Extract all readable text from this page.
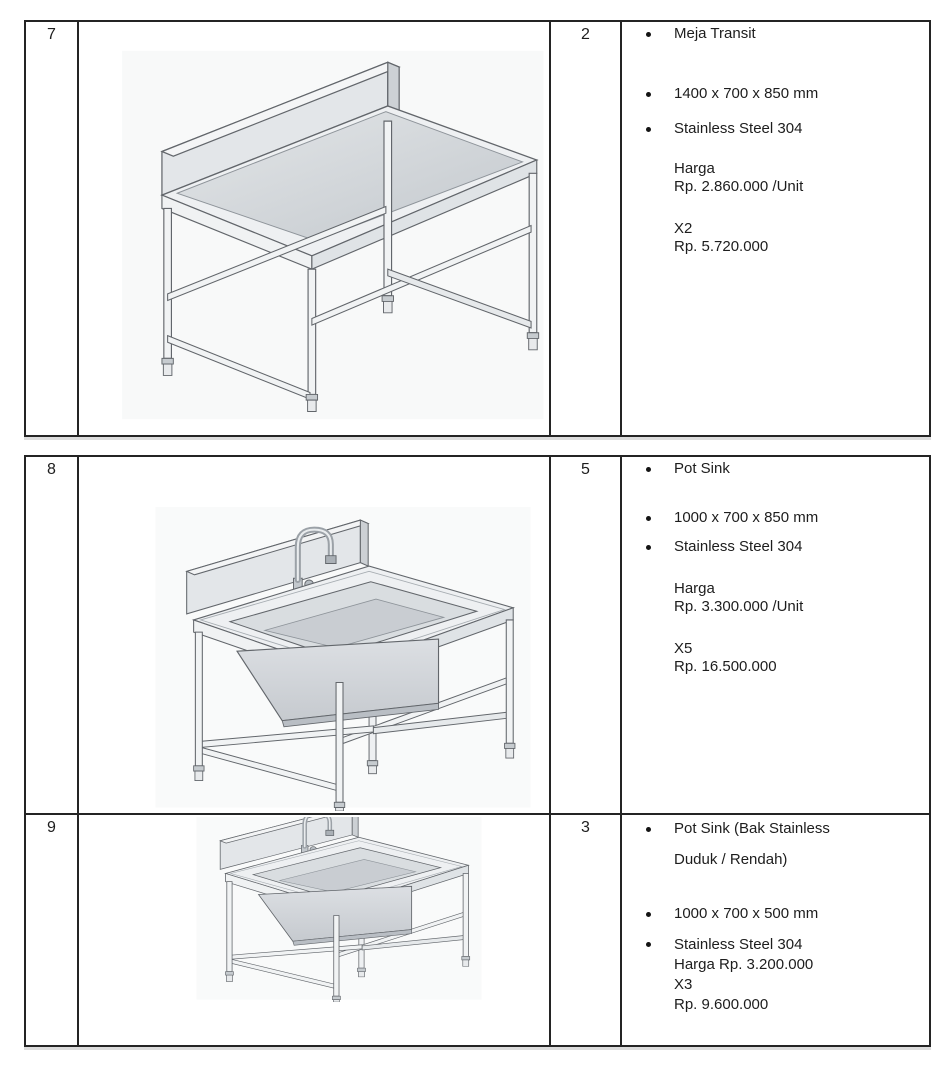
7	2	Meja Transit
1400 x 700 x 850 mm
Stainless Steel 304
Harga
Rp. 2.860.000 /Unit
X2
Rp. 5.720.000
8	5	Pot Sink
1000 x 700 x 850 mm
Stainless Steel 304
Harga
Rp. 3.300.000 /Unit
X5
Rp. 16.500.000
9	3	Pot Sink (Bak Stainless
Duduk / Rendah)
1000 x 700 x 500 mm
Stainless Steel 304
Harga Rp. 3.200.000
X3
Rp. 9.600.000
